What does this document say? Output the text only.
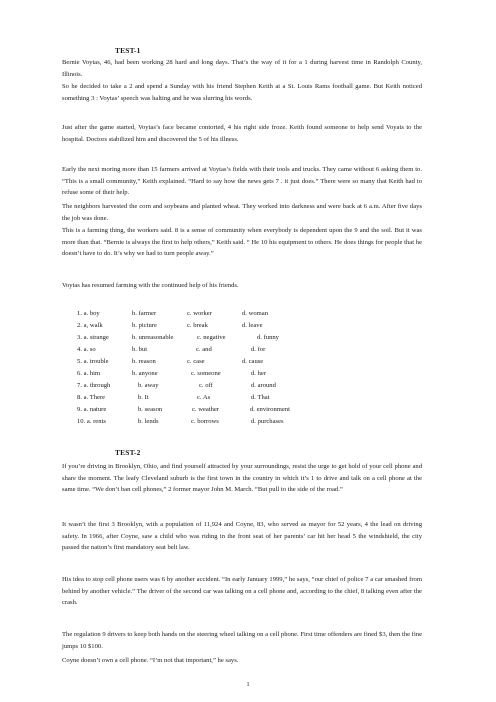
TEST-1

Bernie Voytas, 46, had been working 28 hard and long days. That’s the way of it for a 1 during harvest time in Randolph County, Illinois.

So he decided to take a 2 and spend a Sunday with his friend Stephen Keith at a St. Louis Rams football game. But Keith noticed something 3 : Voytas’ speech was halting and he was slurring his words.

Just after the game started, Voytas’s face became contorted, 4 his right side froze. Keith found someone to help send Voyats to the hospital. Doctors stabilized him and discovered the 5 of his illness.

Early the next moring more than 15 farmers arrived at Voytas’s fields with their tools and trucks. They came without 6 asking them to. “This is a small community,” Keith explained. “Hard to say how the news gets 7 . it just does.” There were so many that Keith had to refuse some of their help.

The neighbors harvested the corn and soybeans and planted wheat. They worked into darkness and were back at 6 a.m. After five days the job was done.

This is a farming thing, the workers said. 8 is a sense of community when everybody is dependent upon the 9 and the soil. But it was more than that. “Bernie is always the first to help others,” Keith said. “ He 10 his equipment to others. He does things for people that he doesn’t have to do. It’s why we had to turn people away.”

Voytas has resumed farming with the continued help of his friends.

1. a. boy	b. farmer	c. worker	d. woman
2. a, walk	b. picture	c. break	d. leave
3. a. strange	b. unreasonable	c. negative	d. funny
4. a. so	b. but	c. and	d. for
5. a. trouble	b. reason	c. case	d. cause
6. a. him	b. anyone	c. someone	d. her
7. a. through	b. away	c. off	d. around
8. a. There	b. It	c. As	d. That
9. a. nature	b. season	c. weather	d. environment
10. a. rents	b. lends	c. borrows	d. purchases
TEST-2

If you’re driving in Brooklyn, Ohio, and find yourself attracted by your surroundings, resist the urge to get hold of your cell phone and share the moment. The leafy Cleveland suburb is the first town in the country in which it’s 1 to drive and talk on a cell phone at the same time. “We don’t ban cell phones,” 2 former mayor John M. March. “But pull to the side of the road.”

It wasn’t the first 3 Brooklyn, with a population of 11,924 and Coyne, 83, who served as mayor for 52 years, 4 the lead on driving safety. In 1966, after Coyne, saw a child who was riding in the front seat of her parents’ car hit her head 5 the windshield, the city passed the nation’s first mandatory seat belt law.

His idea to stop cell phone users was 6 by another accident. “In early January 1999,” he says, “our chief of police 7 a car smashed from behind by another vehicle.” The driver of the second car was talking on a cell phone and, according to the chief, 8 talking even after the crash.

The regulation 9 drivers to keep both hands on the steering wheel talking on a cell phone. First time offenders are fined $3, then the fine jumps 10 $100.

Coyne doesn’t own a cell phone. “I’m not that important,” he says.

1
